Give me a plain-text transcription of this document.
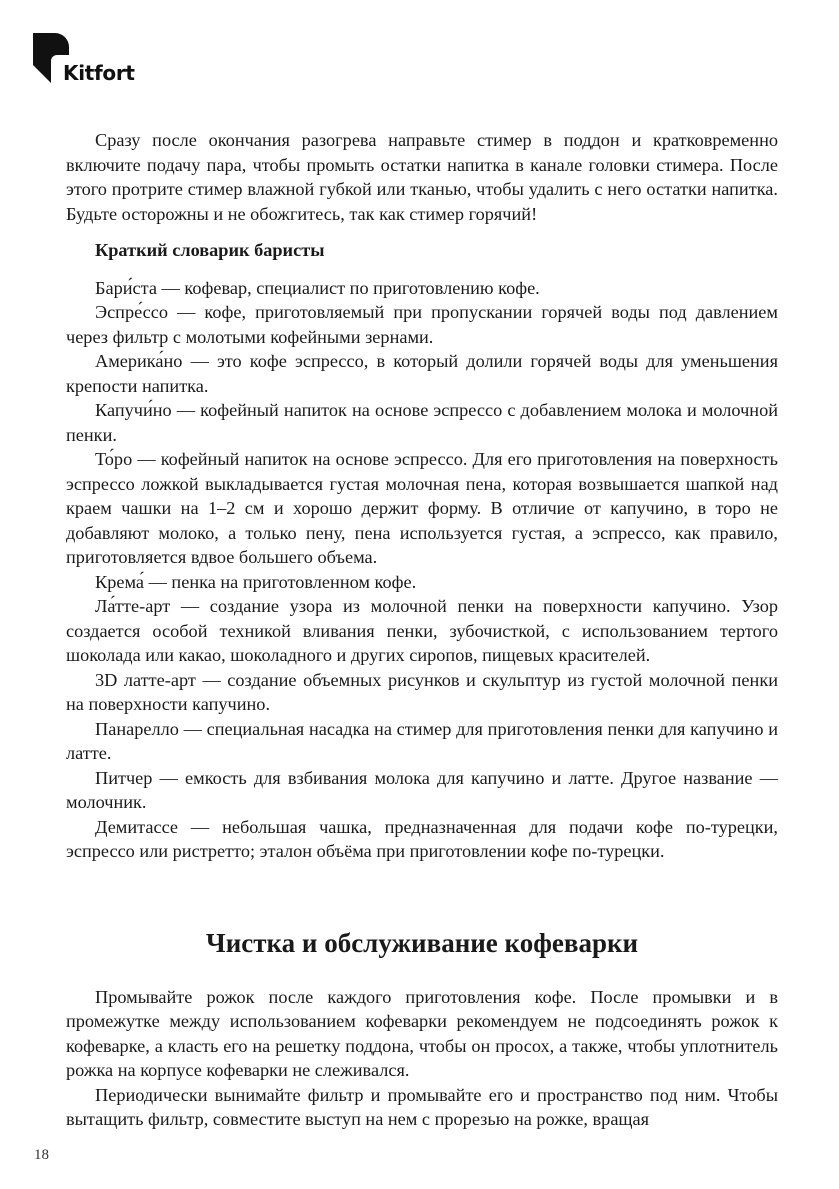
Kitfort

Сразу после окончания разогрева направьте стимер в поддон и кратковременно включите подачу пара, чтобы промыть остатки напитка в канале головки стимера. После этого протрите стимер влажной губкой или тканью, чтобы удалить с него остатки напитка. Будьте осторожны и не обожгитесь, так как стимер горячий!

Краткий словарик баристы

Бари́ста — кофевар, специалист по приготовлению кофе.

Эспре́ссо — кофе, приготовляемый при пропускании горячей воды под давлением через фильтр с молотыми кофейными зернами.

Америка́но — это кофе эспрессо, в который долили горячей воды для уменьшения крепости напитка.

Капучи́но — кофейный напиток на основе эспрессо с добавлением молока и молочной пенки.

То́ро — кофейный напиток на основе эспрессо. Для его приготовления на поверхность эспрессо ложкой выкладывается густая молочная пена, которая возвышается шапкой над краем чашки на 1–2 см и хорошо держит форму. В отличие от капучино, в торо не добавляют молоко, а только пену, пена используется густая, а эспрессо, как правило, приготовляется вдвое большего объема.

Крема́ — пенка на приготовленном кофе.

Ла́тте-арт — создание узора из молочной пенки на поверхности капучино. Узор создается особой техникой вливания пенки, зубочисткой, с использованием тертого шоколада или какао, шоколадного и других сиропов, пищевых красителей.

3D латте-арт — создание объемных рисунков и скульптур из густой молочной пенки на поверхности капучино.

Панарелло — специальная насадка на стимер для приготовления пенки для капучино и латте.

Питчер — емкость для взбивания молока для капучино и латте. Другое название — молочник.

Демитассе — небольшая чашка, предназначенная для подачи кофе по-турецки, эспрессо или ристретто; эталон объёма при приготовлении кофе по-турецки.

Чистка и обслуживание кофеварки

Промывайте рожок после каждого приготовления кофе. После промывки и в промежутке между использованием кофеварки рекомендуем не подсоединять рожок к кофеварке, а класть его на решетку поддона, чтобы он просох, а также, чтобы уплотнитель рожка на корпусе кофеварки не слеживался.

Периодически вынимайте фильтр и промывайте его и пространство под ним. Чтобы вытащить фильтр, совместите выступ на нем с прорезью на рожке, вращая

18
